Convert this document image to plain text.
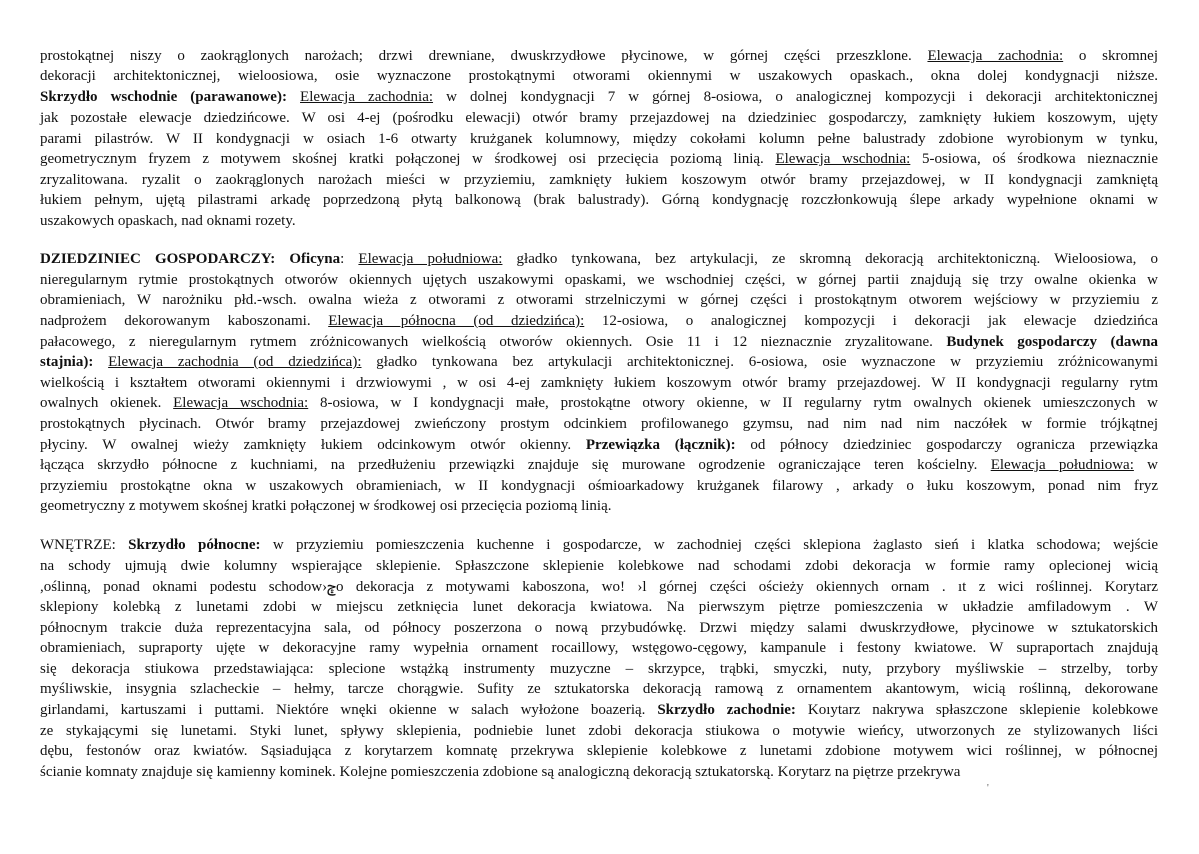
prostokątnej niszy o zaokrąglonych narożach; drzwi drewniane, dwuskrzydłowe płycinowe, w górnej części przeszklone. Elewacja zachodnia: o skromnej
dekoracji architektonicznej, wieloosiowa, osie wyznaczone prostokątnymi otworami okiennymi w uszakowych opaskach., okna dolej kondygnacji niższe.
Skrzydło wschodnie (parawanowe): Elewacja zachodnia: w dolnej kondygnacji 7 w górnej 8-osiowa, o analogicznej kompozycji i dekoracji architektonicznej
jak pozostałe elewacje dziedzińcowe. W osi 4-ej (pośrodku elewacji) otwór bramy przejazdowej na dziedziniec gospodarczy, zamknięty łukiem koszowym, ujęty
parami pilastrów. W II kondygnacji w osiach 1-6 otwarty krużganek kolumnowy, między cokołami kolumn pełne balustrady zdobione wyrobionym w tynku,
geometrycznym fryzem z motywem skośnej kratki połączonej w środkowej osi przecięcia poziomą linią. Elewacja wschodnia: 5-osiowa, oś środkowa nieznacznie
zryzalitowana. ryzalit o zaokrąglonych narożach mieści w przyziemiu, zamknięty łukiem koszowym otwór bramy przejazdowej, w II kondygnacji zamkniętą
łukiem pełnym, ujętą pilastrami arkadę poprzedzoną płytą balkonową (brak balustrady). Górną kondygnację rozczłonkowują ślepe arkady wypełnione oknami w
uszakowych opaskach, nad oknami rozety.
DZIEDZINIEC GOSPODARCZY: Oficyna: Elewacja południowa: gładko tynkowana, bez artykulacji, ze skromną dekoracją architektoniczną. Wieloosiowa, o
nieregularnym rytmie prostokątnych otworów okiennych ujętych uszakowymi opaskami, we wschodniej części, w górnej partii znajdują się trzy owalne okienka w
obramieniach, W narożniku płd.-wsch. owalna wieża z otworami z otworami strzelniczymi w górnej części i prostokątnym otworem wejściowy w przyziemiu z
nadprożem dekorowanym kaboszonami. Elewacja północna (od dziedzińca): 12-osiowa, o analogicznej kompozycji i dekoracji jak elewacje dziedzińca
pałacowego, z nieregularnym rytmem zróżnicowanych wielkością otworów okiennych. Osie 11 i 12 nieznacznie zryzalitowane. Budynek gospodarczy (dawna
stajnia): Elewacja zachodnia (od dziedzińca): gładko tynkowana bez artykulacji architektonicznej. 6-osiowa, osie wyznaczone w przyziemiu zróżnicowanymi
wielkością i kształtem otworami okiennymi i drzwiowymi , w osi 4-ej zamknięty łukiem koszowym otwór bramy przejazdowej. W II kondygnacji regularny rytm
owalnych okienek. Elewacja wschodnia: 8-osiowa, w I kondygnacji małe, prostokątne otwory okienne, w II regularny rytm owalnych okienek umieszczonych w
prostokątnych płycinach. Otwór bramy przejazdowej zwieńczony prostym odcinkiem profilowanego gzymsu, nad nim nad nim naczółek w formie trójkątnej
płyciny. W owalnej wieży zamknięty łukiem odcinkowym otwór okienny. Przewiązka (łącznik): od północy dziedziniec gospodarczy ogranicza przewiązka
łącząca skrzydło północne z kuchniami, na przedłużeniu przewiązki znajduje się murowane ogrodzenie ograniczające teren kościelny. Elewacja południowa: w
przyziemiu prostokątne okna w uszakowych obramieniach, w II kondygnacji ośmioarkadowy krużganek filarowy , arkady o łuku koszowym, ponad nim fryz
geometryczny z motywem skośnej kratki połączonej w środkowej osi przecięcia poziomą linią.
WNĘTRZE: Skrzydło północne: w przyziemiu pomieszczenia kuchenne i gospodarcze, w zachodniej części sklepiona żaglasto sień i klatka schodowa; wejście
na schody ujmują dwie kolumny wspierające sklepienie. Spłaszczone sklepienie kolebkowe nad schodami zdobi dekoracja w formie ramy oplecionej wicią
,oślinną, ponad oknami podestu schodow›ݯo dekoracja z motywami kaboszona, wo! ›l górnej części ościeży okiennych ornam . ıt z wici roślinnej. Korytarz
sklepiony kolebką z lunetami zdobi w miejscu zetknięcia lunet dekoracja kwiatowa. Na pierwszym piętrze pomieszczenia w układzie amfiladowym . W
północnym trakcie duża reprezentacyjna sala, od północy poszerzona o nową przybudówkę. Drzwi między salami dwuskrzydłowe, płycinowe w sztukatorskich
obramieniach, supraporty ujęte w dekoracyjne ramy wypełnia ornament rocaillowy, wstęgowo-cęgowy, kampanule i festony kwiatowe. W supraportach znajdują
się dekoracja stiukowa przedstawiająca: splecione wstążką instrumenty muzyczne – skrzypce, trąbki, smyczki, nuty, przybory myśliwskie – strzelby, torby
myśliwskie, insygnia szlacheckie – hełmy, tarcze chorągwie. Sufity ze sztukatorska dekoracją ramową z ornamentem akantowym, wicią roślinną, dekorowane
girlandami, kartuszami i puttami. Niektóre wnęki okienne w salach wyłożone boazerią. Skrzydło zachodnie: Koıytarz nakrywa spłaszczone sklepienie kolebkowe
ze stykającymi się lunetami. Styki lunet, spływy sklepienia, podniebie lunet zdobi dekoracja stiukowa o motywie wieńcy, utworzonych ze stylizowanych liści
dębu, festonów oraz kwiatów. Sąsiadująca z korytarzem komnatę przekrywa sklepienie kolebkowe z lunetami zdobione motywem wici roślinnej, w północnej
ścianie komnaty znajduje się kamienny kominek. Kolejne pomieszczenia zdobione są analogiczną dekoracją sztukatorską. Korytarz na piętrze przekrywa
'
